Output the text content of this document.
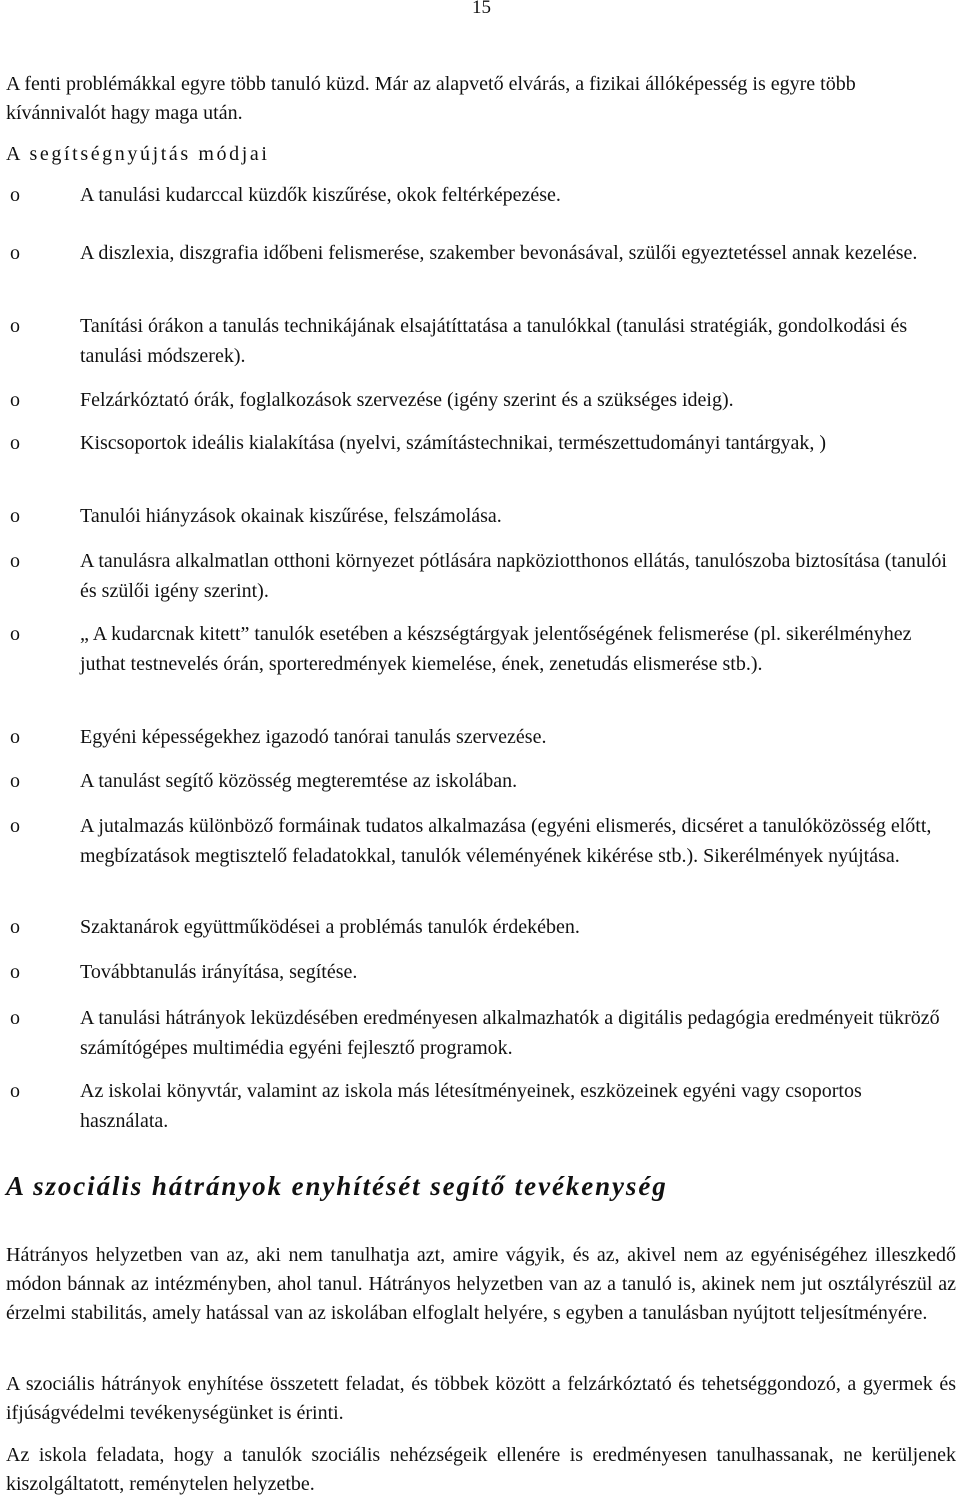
15

A fenti problémákkal egyre több tanuló küzd. Már az alapvető elvárás, a fizikai állóképesség is egyre több kívánnivalót hagy maga után.

A segítségnyújtás módjai

o	A tanulási kudarccal küzdők kiszűrése, okok feltérképezése.
o	A diszlexia, diszgrafia időbeni felismerése, szakember bevonásával, szülői egyeztetéssel annak kezelése.
o	Tanítási órákon a tanulás technikájának elsajátíttatása a tanulókkal (tanulási stratégiák, gondolkodási és tanulási módszerek).
o	Felzárkóztató órák, foglalkozások szervezése (igény szerint és a szükséges ideig).
o	Kiscsoportok ideális kialakítása (nyelvi, számítástechnikai, természettudományi tantárgyak, )
o	Tanulói hiányzások okainak kiszűrése, felszámolása.
o	A tanulásra alkalmatlan otthoni környezet pótlására napköziotthonos ellátás, tanulószoba biztosítása (tanulói és szülői igény szerint).
o	„ A kudarcnak kitett” tanulók esetében a készségtárgyak jelentőségének felismerése (pl. sikerélményhez juthat testnevelés órán, sporteredmények kiemelése, ének, zenetudás elismerése stb.).
o	Egyéni képességekhez igazodó tanórai tanulás szervezése.
o	A tanulást segítő közösség megteremtése az iskolában.
o	A jutalmazás különböző formáinak tudatos alkalmazása (egyéni elismerés, dicséret a tanulóközösség előtt, megbízatások megtisztelő feladatokkal, tanulók véleményének kikérése stb.). Sikerélmények nyújtása.
o	Szaktanárok együttműködései a problémás tanulók érdekében.
o	Továbbtanulás irányítása, segítése.
o	A tanulási hátrányok leküzdésében eredményesen alkalmazhatók a digitális pedagógia eredményeit tükröző számítógépes multimédia egyéni fejlesztő programok.
o	Az iskolai könyvtár, valamint az iskola más létesítményeinek, eszközeinek egyéni vagy csoportos használata.
A szociális hátrányok enyhítését segítő tevékenység

Hátrányos helyzetben van az, aki nem tanulhatja azt, amire vágyik, és az, akivel nem az egyéniségéhez illeszkedő módon bánnak az intézményben, ahol tanul. Hátrányos helyzetben van az a tanuló is, akinek nem jut osztályrészül az érzelmi stabilitás, amely hatással van az iskolában elfoglalt helyére, s egyben a tanulásban nyújtott teljesítményére.

A szociális hátrányok enyhítése összetett feladat, és többek között a felzárkóztató és tehetséggondozó, a gyermek és ifjúságvédelmi tevékenységünket is érinti.

Az iskola feladata, hogy a tanulók szociális nehézségeik ellenére is eredményesen tanulhassanak, ne kerüljenek kiszolgáltatott, reménytelen helyzetbe.
